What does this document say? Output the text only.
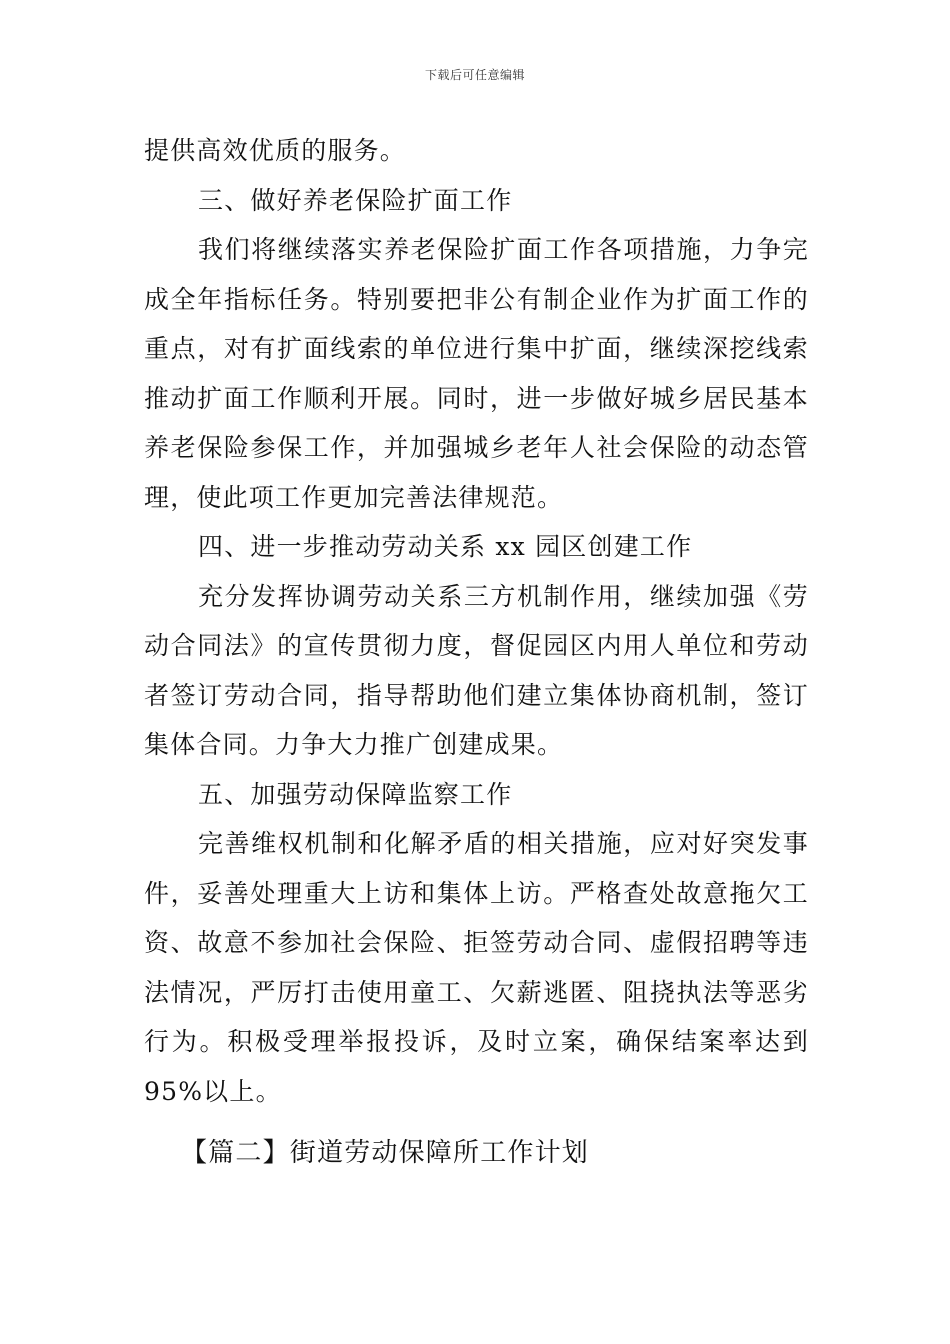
下载后可任意编辑

提供高效优质的服务。

三、做好养老保险扩面工作

我们将继续落实养老保险扩面工作各项措施，力争完成全年指标任务。特别要把非公有制企业作为扩面工作的重点，对有扩面线索的单位进行集中扩面，继续深挖线索推动扩面工作顺利开展。同时，进一步做好城乡居民基本养老保险参保工作，并加强城乡老年人社会保险的动态管理，使此项工作更加完善法律规范。

四、进一步推动劳动关系 xx 园区创建工作

充分发挥协调劳动关系三方机制作用，继续加强《劳动合同法》的宣传贯彻力度，督促园区内用人单位和劳动者签订劳动合同，指导帮助他们建立集体协商机制，签订集体合同。力争大力推广创建成果。

五、加强劳动保障监察工作

完善维权机制和化解矛盾的相关措施，应对好突发事件，妥善处理重大上访和集体上访。严格查处故意拖欠工资、故意不参加社会保险、拒签劳动合同、虚假招聘等违法情况，严厉打击使用童工、欠薪逃匿、阻挠执法等恶劣行为。积极受理举报投诉，及时立案，确保结案率达到95%以上。

【篇二】街道劳动保障所工作计划
